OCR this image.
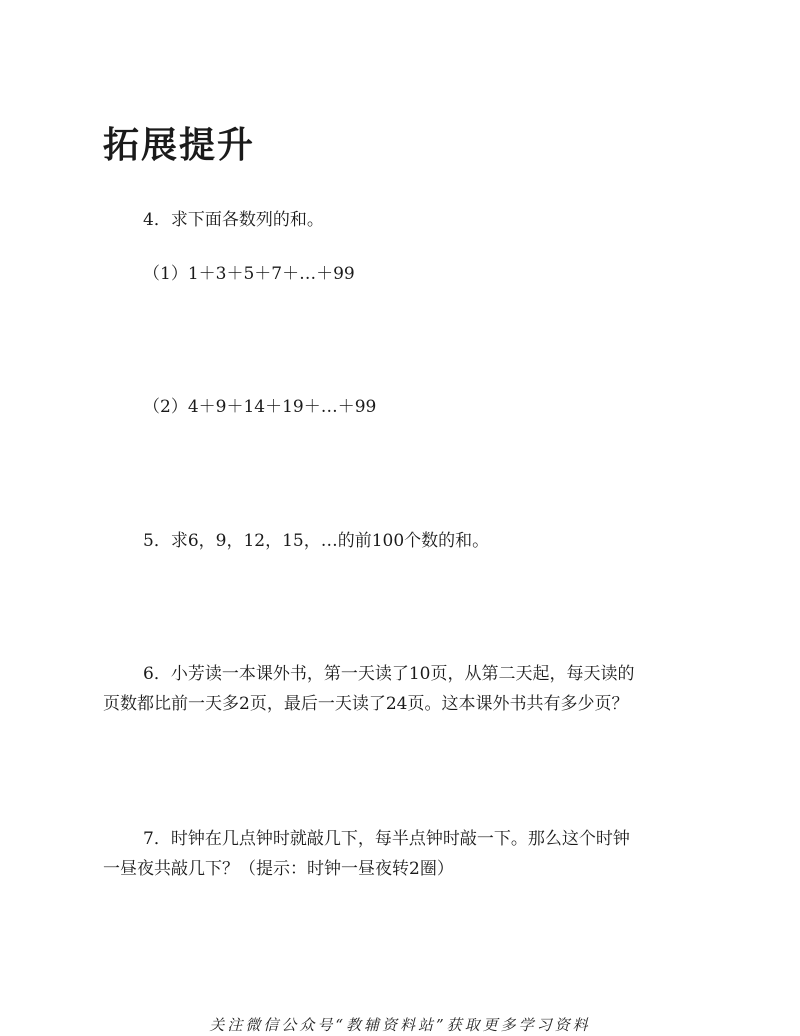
拓展提升

4．求下面各数列的和。

（1）1＋3＋5＋7＋…＋99

（2）4＋9＋14＋19＋…＋99

5．求6，9，12，15，…的前100个数的和。

6．小芳读一本课外书，第一天读了10页，从第二天起，每天读的

页数都比前一天多2页，最后一天读了24页。这本课外书共有多少页？

7．时钟在几点钟时就敲几下，每半点钟时敲一下。那么这个时钟

一昼夜共敲几下？（提示：时钟一昼夜转2圈）

关注微信公众号“教辅资料站”获取更多学习资料
